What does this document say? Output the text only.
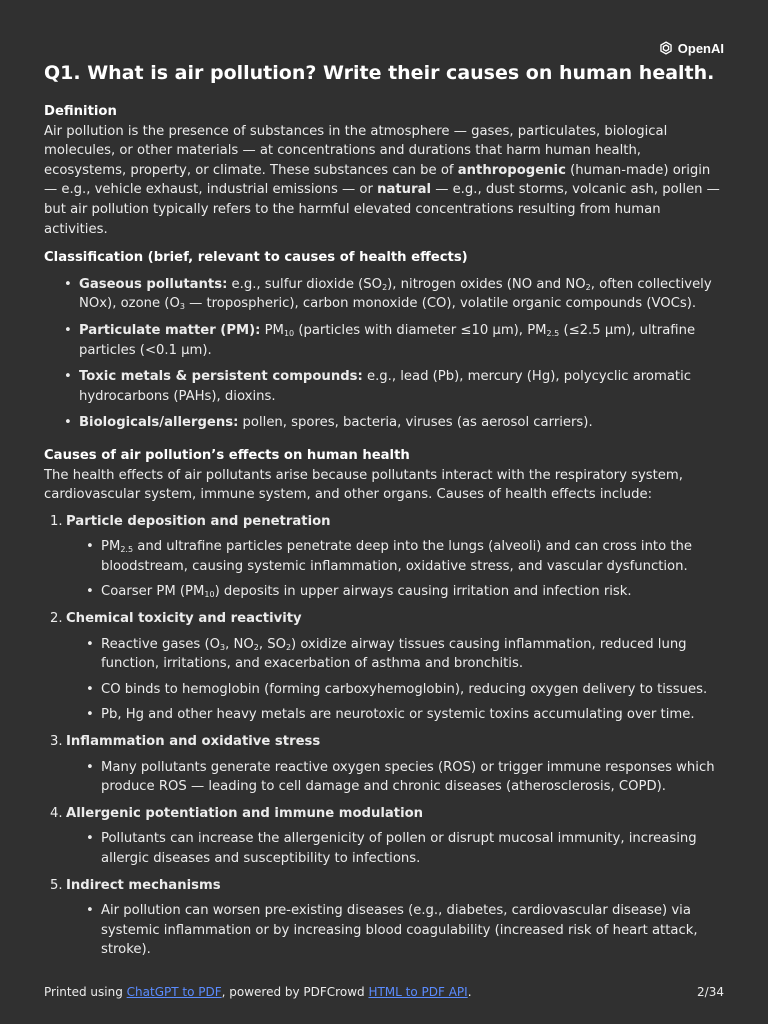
OpenAI
Q1. What is air pollution? Write their causes on human health.

Definition

Air pollution is the presence of substances in the atmosphere — gases, particulates, biological molecules, or other materials — at concentrations and durations that harm human health, ecosystems, property, or climate. These substances can be of anthropogenic (human-made) origin — e.g., vehicle exhaust, industrial emissions — or natural — e.g., dust storms, volcanic ash, pollen — but air pollution typically refers to the harmful elevated concentrations resulting from human activities.

Classification (brief, relevant to causes of health effects)

• Gaseous pollutants: e.g., sulfur dioxide $(SO_2)$, nitrogen oxides (NO and $NO_2$, often collectively NOx), ozone ($O_3$ — tropospheric), carbon monoxide (CO), volatile organic compounds (VOCs).
• Particulate matter (PM): $PM_{10}$ (particles with diameter ≤10 µm), $PM_{2.5}$ (≤2.5 µm), ultrafine particles (<0.1 µm).
• Toxic metals & persistent compounds: e.g., lead (Pb), mercury (Hg), polycyclic aromatic hydrocarbons (PAHs), dioxins.
• Biologicals/allergens: pollen, spores, bacteria, viruses (as aerosol carriers).

Causes of air pollution’s effects on human health

The health effects of air pollutants arise because pollutants interact with the respiratory system, cardiovascular system, immune system, and other organs. Causes of health effects include:

1. Particle deposition and penetration
• $PM_{2.5}$ and ultrafine particles penetrate deep into the lungs (alveoli) and can cross into the bloodstream, causing systemic inflammation, oxidative stress, and vascular dysfunction.
• Coarser PM $(PM_{10})$ deposits in upper airways causing irritation and infection risk.
2. Chemical toxicity and reactivity
• Reactive gases ($O_3$, $NO_2$, $SO_2$) oxidize airway tissues causing inflammation, reduced lung function, irritations, and exacerbation of asthma and bronchitis.
• CO binds to hemoglobin (forming carboxyhemoglobin), reducing oxygen delivery to tissues.
• Pb, Hg and other heavy metals are neurotoxic or systemic toxins accumulating over time.
3. Inflammation and oxidative stress
• Many pollutants generate reactive oxygen species (ROS) or trigger immune responses which produce ROS — leading to cell damage and chronic diseases (atherosclerosis, COPD).
4. Allergenic potentiation and immune modulation
• Pollutants can increase the allergenicity of pollen or disrupt mucosal immunity, increasing allergic diseases and susceptibility to infections.
5. Indirect mechanisms
• Air pollution can worsen pre-existing diseases (e.g., diabetes, cardiovascular disease) via systemic inflammation or by increasing blood coagulability (increased risk of heart attack, stroke).
Printed using ChatGPT to PDF, powered by PDFCrowd HTML to PDF API.	2/34
